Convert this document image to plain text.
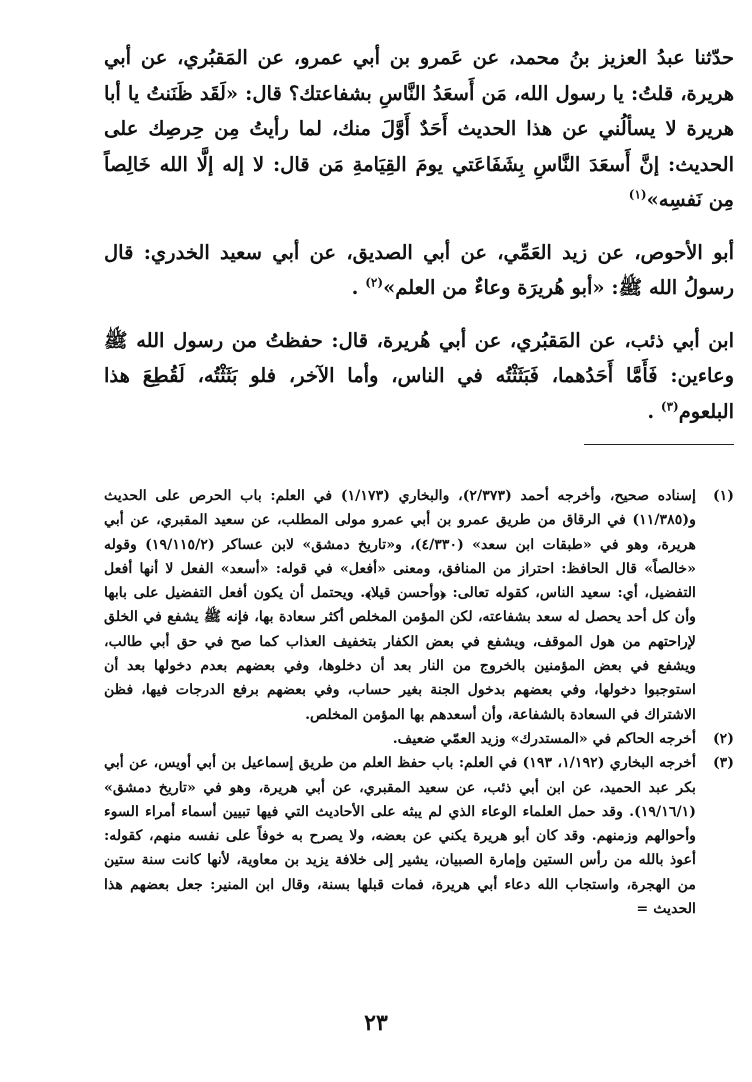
حدّثنا عبدُ العزيز بنُ محمد، عن عَمرو بن أبي عمرو، عن المَقبُري، عن أبي هريرة، قلتُ: يا رسول الله، مَن أَسعَدُ النَّاسِ بشفاعتك؟ قال: «لَقَد ظَنَنتُ يا أبا هريرة لا يسألُني عن هذا الحديث أَحَدٌ أَوَّلَ منك، لما رأيتُ مِن حِرصِك على الحديث: إنَّ أَسعَدَ النَّاسِ بِشَفَاعَتي يومَ القِيَامةِ مَن قال: لا إله إلَّا الله خَالِصاً مِن نَفسِه»$^{(١)}$

أبو الأحوص، عن زيد العَمِّي، عن أبي الصديق، عن أبي سعيد الخدري: قال رسولُ الله ﷺ: «أبو هُريرَة وعاءٌ من العلم»$^{(٢)}$ .

ابن أبي ذئب، عن المَقبُري، عن أبي هُريرة، قال: حفظتُ من رسول الله ﷺ وعاءين: فَأَمَّا أَحَدُهما، فَبَثَثْتُه في الناس، وأما الآخر، فلو بَثَثْتُه، لَقُطِعَ هذا البلعوم$^{(٣)}$ .

(١)
إسناده صحيح، وأخرجه أحمد (٢/٣٧٣)، والبخاري (١/١٧٣) في العلم: باب الحرص على الحديث و(١١/٣٨٥) في الرقاق من طريق عمرو بن أبي عمرو مولى المطلب، عن سعيد المقبري، عن أبي هريرة، وهو في «طبقات ابن سعد» (٤/٣٣٠)، و«تاريخ دمشق» لابن عساكر (١٩/١١٥/٢) وقوله «خالصاً» قال الحافظ: احتراز من المنافق، ومعنى «أفعل» في قوله: «أسعد» الفعل لا أنها أفعل التفضيل، أي: سعيد الناس، كقوله تعالى: ﴿وأحسن قيلا﴾. ويحتمل أن يكون أفعل التفضيل على بابها وأن كل أحد يحصل له سعد بشفاعته، لكن المؤمن المخلص أكثر سعادة بها، فإنه ﷺ يشفع في الخلق لإراحتهم من هول الموقف، ويشفع في بعض الكفار بتخفيف العذاب كما صح في حق أبي طالب، ويشفع في بعض المؤمنين بالخروج من النار بعد أن دخلوها، وفي بعضهم بعدم دخولها بعد أن استوجبوا دخولها، وفي بعضهم بدخول الجنة بغير حساب، وفي بعضهم برفع الدرجات فيها، فظن الاشتراك في السعادة بالشفاعة، وأن أسعدهم بها المؤمن المخلص.
(٢)
أخرجه الحاكم في «المستدرك» وزيد العمّي ضعيف.
(٣)
أخرجه البخاري (١/١٩٢، ١٩٣) في العلم: باب حفظ العلم من طريق إسماعيل بن أبي أويس، عن أبي بكر عبد الحميد، عن ابن أبي ذئب، عن سعيد المقبري، عن أبي هريرة، وهو في «تاريخ دمشق» (١٩/١٦/١). وقد حمل العلماء الوعاء الذي لم يبثه على الأحاديث التي فيها تبيين أسماء أمراء السوء وأحوالهم وزمنهم. وقد كان أبو هريرة يكني عن بعضه، ولا يصرح به خوفاً على نفسه منهم، كقوله: أعوذ بالله من رأس الستين وإمارة الصبيان، يشير إلى خلافة يزيد بن معاوية، لأنها كانت سنة ستين من الهجرة، واستجاب الله دعاء أبي هريرة، فمات قبلها بسنة، وقال ابن المنير: جعل بعضهم هذا الحديث =
٢٣
